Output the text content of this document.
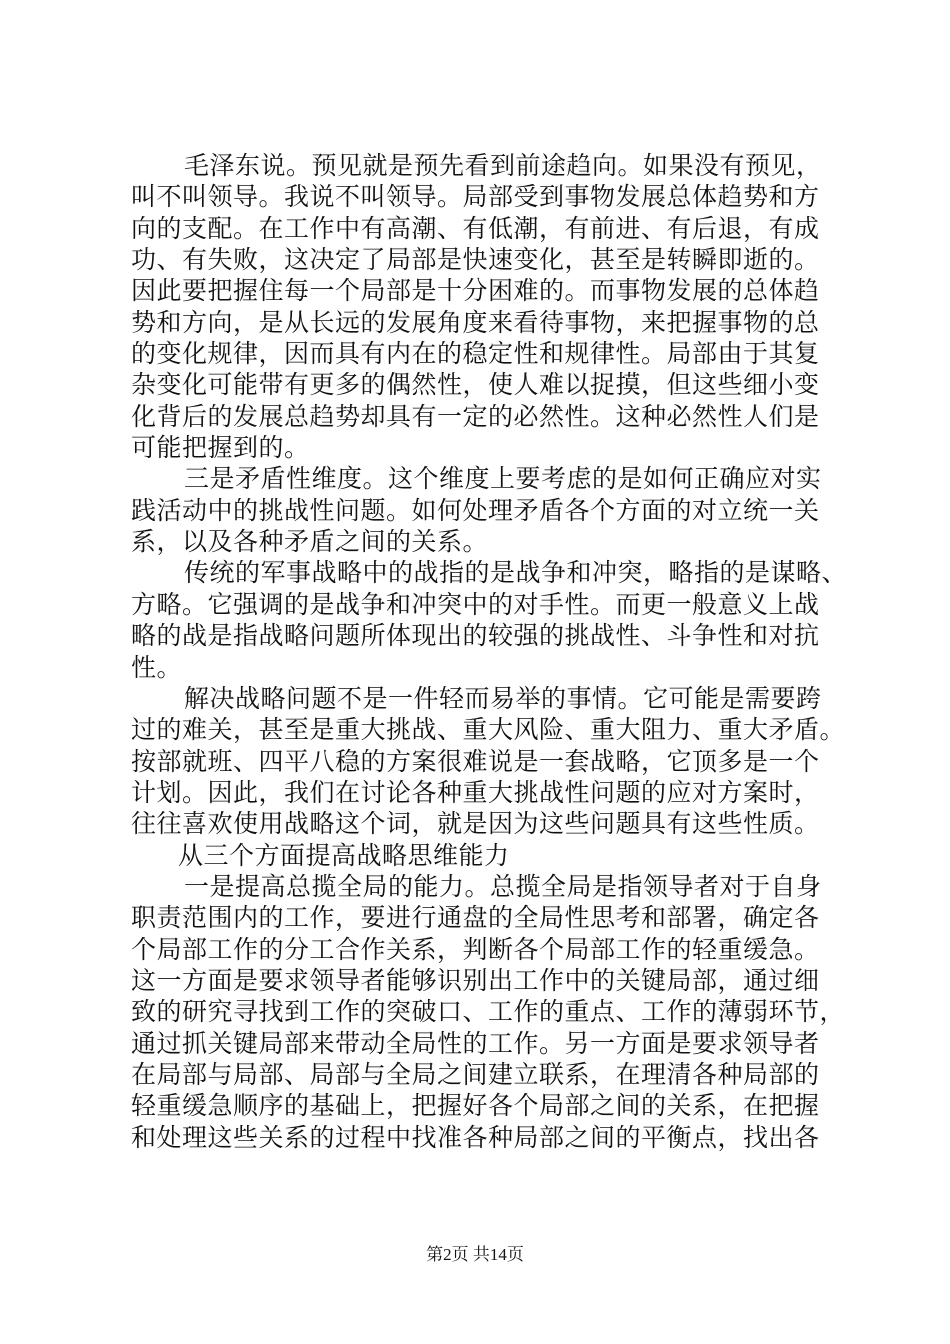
毛泽东说。预见就是预先看到前途趋向。如果没有预见，
叫不叫领导。我说不叫领导。局部受到事物发展总体趋势和方
向的支配。在工作中有高潮、有低潮，有前进、有后退，有成
功、有失败，这决定了局部是快速变化，甚至是转瞬即逝的。
因此要把握住每一个局部是十分困难的。而事物发展的总体趋
势和方向，是从长远的发展角度来看待事物，来把握事物的总
的变化规律，因而具有内在的稳定性和规律性。局部由于其复
杂变化可能带有更多的偶然性，使人难以捉摸，但这些细小变
化背后的发展总趋势却具有一定的必然性。这种必然性人们是
可能把握到的。
三是矛盾性维度。这个维度上要考虑的是如何正确应对实
践活动中的挑战性问题。如何处理矛盾各个方面的对立统一关
系，以及各种矛盾之间的关系。
传统的军事战略中的战指的是战争和冲突，略指的是谋略、
方略。它强调的是战争和冲突中的对手性。而更一般意义上战
略的战是指战略问题所体现出的较强的挑战性、斗争性和对抗
性。
解决战略问题不是一件轻而易举的事情。它可能是需要跨
过的难关，甚至是重大挑战、重大风险、重大阻力、重大矛盾。
按部就班、四平八稳的方案很难说是一套战略，它顶多是一个
计划。因此，我们在讨论各种重大挑战性问题的应对方案时，
往往喜欢使用战略这个词，就是因为这些问题具有这些性质。
从三个方面提高战略思维能力
一是提高总揽全局的能力。总揽全局是指领导者对于自身
职责范围内的工作，要进行通盘的全局性思考和部署，确定各
个局部工作的分工合作关系，判断各个局部工作的轻重缓急。
这一方面是要求领导者能够识别出工作中的关键局部，通过细
致的研究寻找到工作的突破口、工作的重点、工作的薄弱环节，
通过抓关键局部来带动全局性的工作。另一方面是要求领导者
在局部与局部、局部与全局之间建立联系，在理清各种局部的
轻重缓急顺序的基础上，把握好各个局部之间的关系，在把握
和处理这些关系的过程中找准各种局部之间的平衡点，找出各
第2页 共14页
